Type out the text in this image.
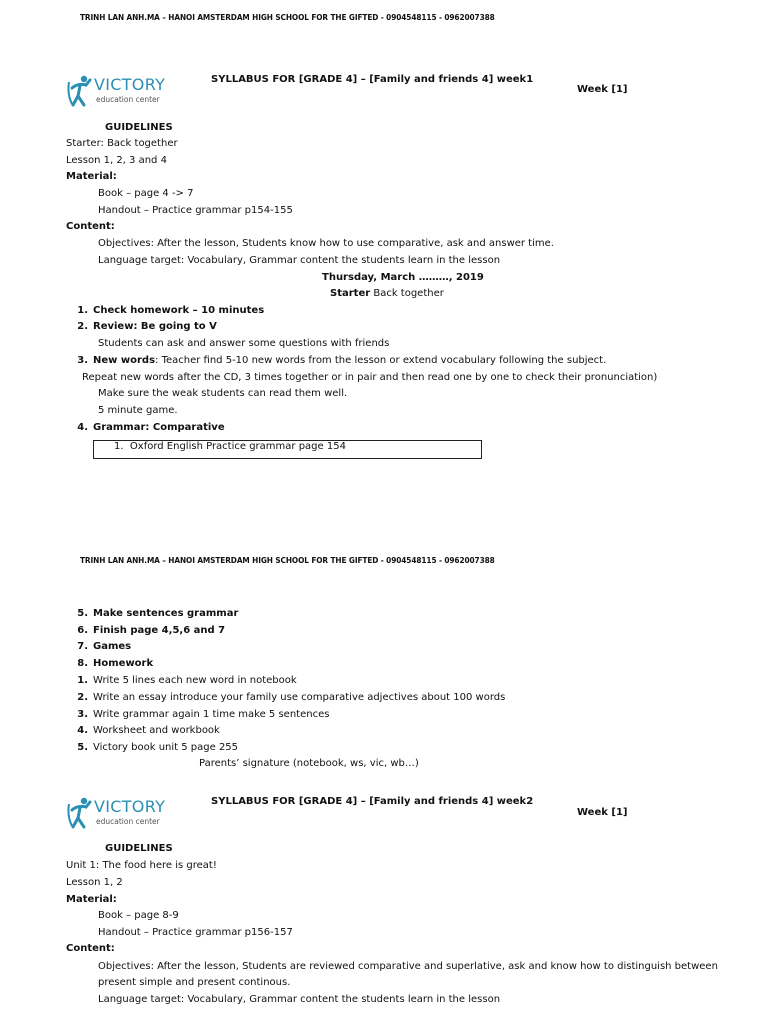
TRINH LAN ANH.MA – HANOI AMSTERDAM HIGH SCHOOL FOR THE GIFTED - 0904548115 - 0962007388
VICTORY
education center
SYLLABUS FOR [GRADE 4] – [Family and friends 4] week1
Week [1]
GUIDELINES
Starter: Back together
Lesson 1, 2, 3 and 4
Material:
Book – page 4 -> 7
Handout – Practice grammar p154-155
Content:
Objectives: After the lesson, Students know how to use comparative, ask and answer time.
Language target: Vocabulary, Grammar content the students learn in the lesson
Thursday, March ………, 2019
Starter Back together
1. Check homework – 10 minutes
2. Review: Be going to V
Students can ask and answer some questions with friends
3. New words: Teacher find 5-10 new words from the lesson or extend vocabulary following the subject.
Repeat new words after the CD, 3 times together or in pair and then read one by one to check their pronunciation)
Make sure the weak students can read them well.
5 minute game.
4. Grammar: Comparative
1. Oxford English Practice grammar page 154
TRINH LAN ANH.MA – HANOI AMSTERDAM HIGH SCHOOL FOR THE GIFTED - 0904548115 - 0962007388
5. Make sentences grammar
6. Finish page 4,5,6 and 7
7. Games
8. Homework
1. Write 5 lines each new word in notebook
2. Write an essay introduce your family use comparative adjectives about 100 words
3. Write grammar again 1 time make 5 sentences
4. Worksheet and workbook
5. Victory book unit 5 page 255
Parents’ signature (notebook, ws, vic, wb…)
VICTORY
education center
SYLLABUS FOR [GRADE 4] – [Family and friends 4] week2
Week [1]
GUIDELINES
Unit 1: The food here is great!
Lesson 1, 2
Material:
Book – page 8-9
Handout – Practice grammar p156-157
Content:
Objectives: After the lesson, Students are reviewed comparative and superlative, ask and know how to distinguish between
present simple and present continous.
Language target: Vocabulary, Grammar content the students learn in the lesson
